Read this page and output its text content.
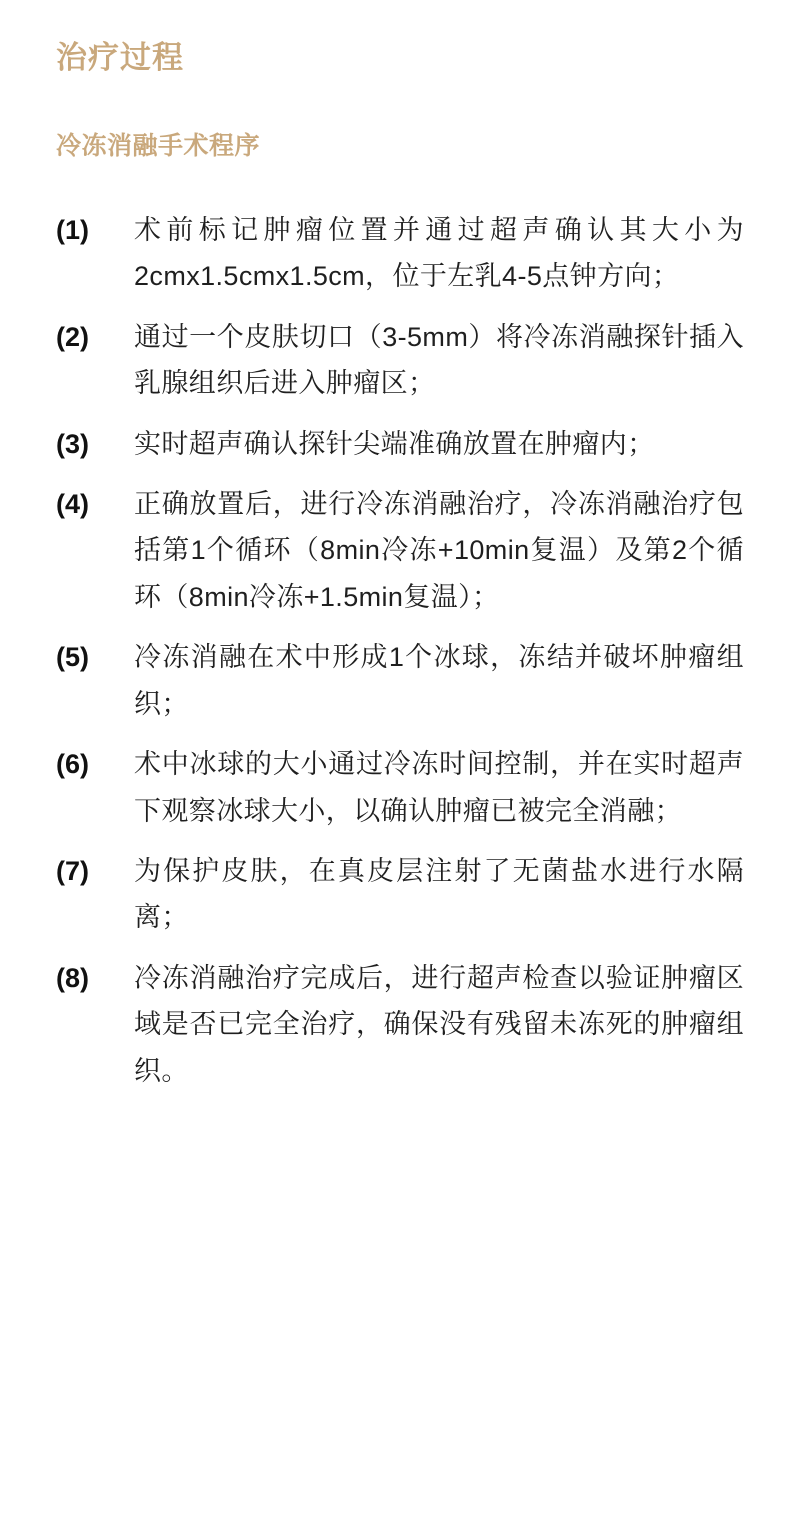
治疗过程
冷冻消融手术程序
(1)	术前标记肿瘤位置并通过超声确认其大小为2cmx1.5cmx1.5cm，位于左乳4-5点钟方向；
(2)	通过一个皮肤切口（3-5mm）将冷冻消融探针插入乳腺组织后进入肿瘤区；
(3)	实时超声确认探针尖端准确放置在肿瘤内；
(4)	正确放置后，进行冷冻消融治疗，冷冻消融治疗包括第1个循环（8min冷冻+10min复温）及第2个循环（8min冷冻+1.5min复温）；
(5)	冷冻消融在术中形成1个冰球，冻结并破坏肿瘤组织；
(6)	术中冰球的大小通过冷冻时间控制，并在实时超声下观察冰球大小，以确认肿瘤已被完全消融；
(7)	为保护皮肤，在真皮层注射了无菌盐水进行水隔离；
(8)	冷冻消融治疗完成后，进行超声检查以验证肿瘤区域是否已完全治疗，确保没有残留未冻死的肿瘤组织。
